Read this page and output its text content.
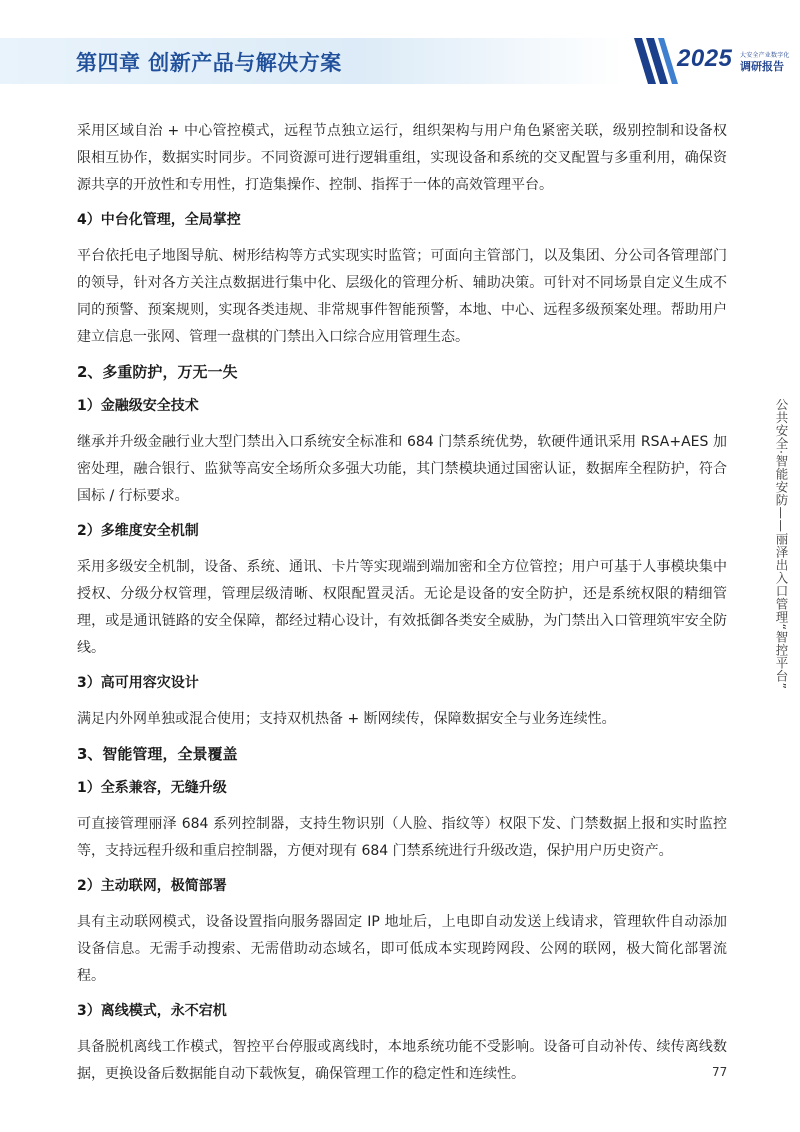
第四章 创新产品与解决方案	2025 大安全产业数字化
调研报告

采用区域自治 + 中心管控模式，远程节点独立运行，组织架构与用户角色紧密关联，级别控制和设备权限相互协作，数据实时同步。不同资源可进行逻辑重组，实现设备和系统的交叉配置与多重利用，确保资源共享的开放性和专用性，打造集操作、控制、指挥于一体的高效管理平台。

4）中台化管理，全局掌控

平台依托电子地图导航、树形结构等方式实现实时监管；可面向主管部门，以及集团、分公司各管理部门的领导，针对各方关注点数据进行集中化、层级化的管理分析、辅助决策。可针对不同场景自定义生成不同的预警、预案规则，实现各类违规、非常规事件智能预警，本地、中心、远程多级预案处理。帮助用户建立信息一张网、管理一盘棋的门禁出入口综合应用管理生态。

2、多重防护，万无一失
1）金融级安全技术

继承并升级金融行业大型门禁出入口系统安全标准和 684 门禁系统优势，软硬件通讯采用 RSA+AES 加密处理，融合银行、监狱等高安全场所众多强大功能，其门禁模块通过国密认证，数据库全程防护，符合国标 / 行标要求。

2）多维度安全机制

采用多级安全机制，设备、系统、通讯、卡片等实现端到端加密和全方位管控；用户可基于人事模块集中授权、分级分权管理，管理层级清晰、权限配置灵活。无论是设备的安全防护，还是系统权限的精细管理，或是通讯链路的安全保障，都经过精心设计，有效抵御各类安全威胁，为门禁出入口管理筑牢安全防线。

3）高可用容灾设计

满足内外网单独或混合使用；支持双机热备 + 断网续传，保障数据安全与业务连续性。

3、智能管理，全景覆盖
1）全系兼容，无缝升级

可直接管理丽泽 684 系列控制器，支持生物识别（人脸、指纹等）权限下发、门禁数据上报和实时监控等，支持远程升级和重启控制器，方便对现有 684 门禁系统进行升级改造，保护用户历史资产。

2）主动联网，极简部署

具有主动联网模式，设备设置指向服务器固定 IP 地址后，上电即自动发送上线请求，管理软件自动添加设备信息。无需手动搜索、无需借助动态域名，即可低成本实现跨网段、公网的联网，极大简化部署流程。

3）离线模式，永不宕机

具备脱机离线工作模式，智控平台停服或离线时，本地系统功能不受影响。设备可自动补传、续传离线数据，更换设备后数据能自动下载恢复，确保管理工作的稳定性和连续性。

公共安全·智能安防——丽泽出入口管理“智控平台”
77
